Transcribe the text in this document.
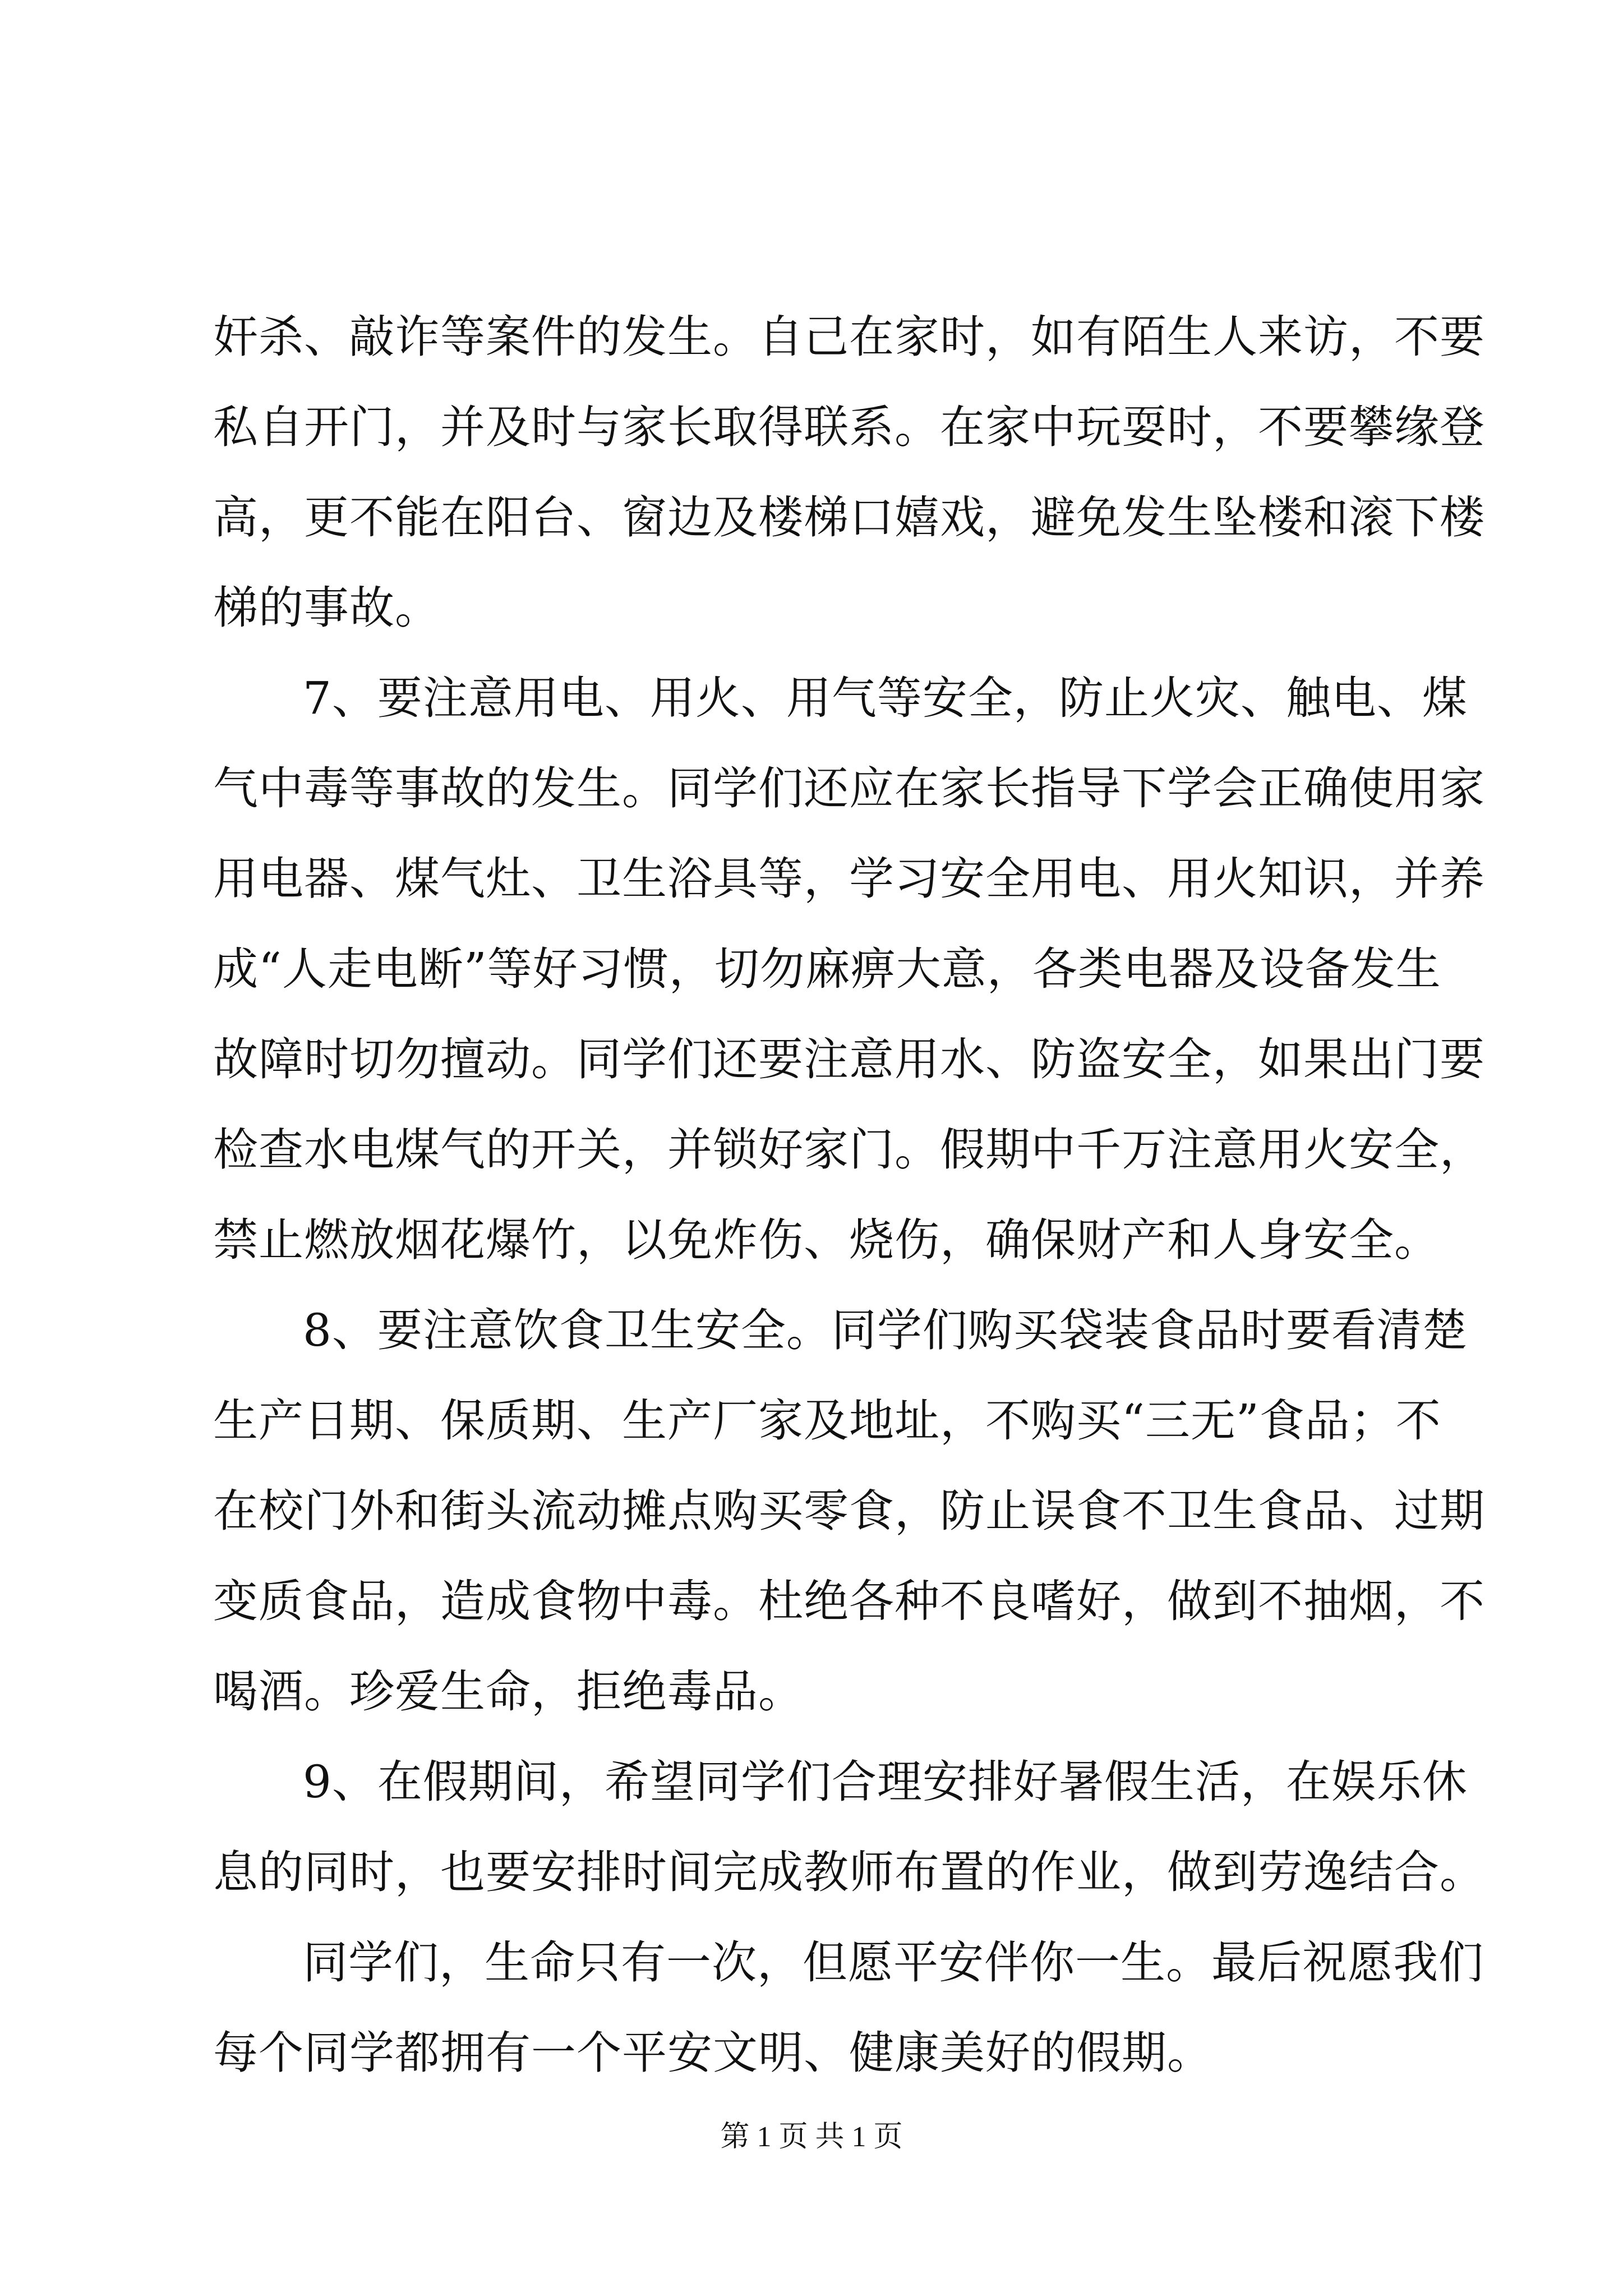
奸杀、敲诈等案件的发生。自己在家时，如有陌生人来访，不要
私自开门，并及时与家长取得联系。在家中玩耍时，不要攀缘登
高，更不能在阳台、窗边及楼梯口嬉戏，避免发生坠楼和滚下楼
梯的事故。
7、要注意用电、用火、用气等安全，防止火灾、触电、煤
气中毒等事故的发生。同学们还应在家长指导下学会正确使用家
用电器、煤气灶、卫生浴具等，学习安全用电、用火知识，并养
成“人走电断”等好习惯，切勿麻痹大意，各类电器及设备发生
故障时切勿擅动。同学们还要注意用水、防盗安全，如果出门要
检查水电煤气的开关，并锁好家门。假期中千万注意用火安全，
禁止燃放烟花爆竹，以免炸伤、烧伤，确保财产和人身安全。
8、要注意饮食卫生安全。同学们购买袋装食品时要看清楚
生产日期、保质期、生产厂家及地址，不购买“三无”食品；不
在校门外和街头流动摊点购买零食，防止误食不卫生食品、过期
变质食品，造成食物中毒。杜绝各种不良嗜好，做到不抽烟，不
喝酒。珍爱生命，拒绝毒品。
9、在假期间，希望同学们合理安排好暑假生活，在娱乐休
息的同时，也要安排时间完成教师布置的作业，做到劳逸结合。
同学们，生命只有一次，但愿平安伴你一生。最后祝愿我们
每个同学都拥有一个平安文明、健康美好的假期。
第 1 页 共 1 页
